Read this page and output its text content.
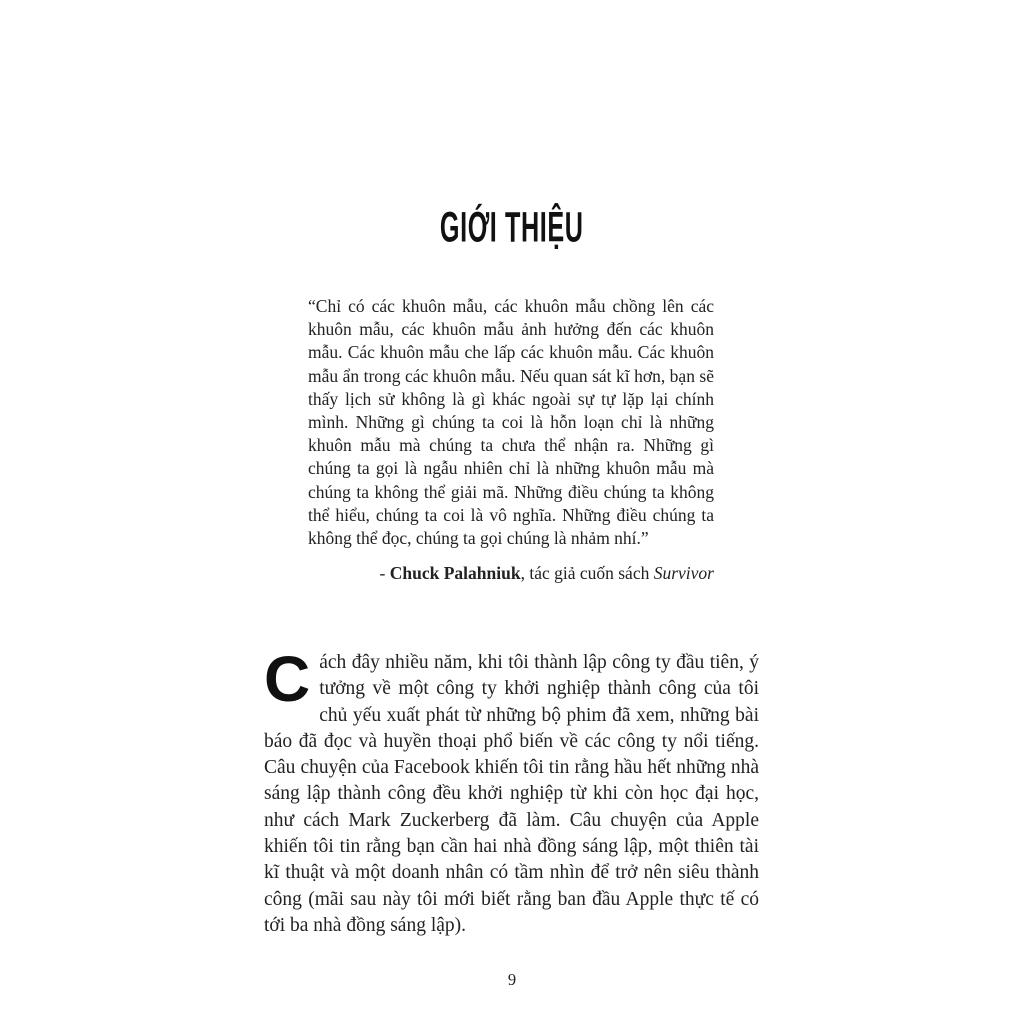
GIỚI THIỆU
“Chỉ có các khuôn mẫu, các khuôn mẫu chồng lên các khuôn mẫu, các khuôn mẫu ảnh hưởng đến các khuôn mẫu. Các khuôn mẫu che lấp các khuôn mẫu. Các khuôn mẫu ẩn trong các khuôn mẫu. Nếu quan sát kĩ hơn, bạn sẽ thấy lịch sử không là gì khác ngoài sự tự lặp lại chính mình. Những gì chúng ta coi là hỗn loạn chỉ là những khuôn mẫu mà chúng ta chưa thể nhận ra. Những gì chúng ta gọi là ngẫu nhiên chỉ là những khuôn mẫu mà chúng ta không thể giải mã. Những điều chúng ta không thể hiểu, chúng ta coi là vô nghĩa. Những điều chúng ta không thể đọc, chúng ta gọi chúng là nhảm nhí.”
- Chuck Palahniuk, tác giả cuốn sách Survivor
Cách đây nhiều năm, khi tôi thành lập công ty đầu tiên, ý tưởng về một công ty khởi nghiệp thành công của tôi chủ yếu xuất phát từ những bộ phim đã xem, những bài báo đã đọc và huyền thoại phổ biến về các công ty nổi tiếng. Câu chuyện của Facebook khiến tôi tin rằng hầu hết những nhà sáng lập thành công đều khởi nghiệp từ khi còn học đại học, như cách Mark Zuckerberg đã làm. Câu chuyện của Apple khiến tôi tin rằng bạn cần hai nhà đồng sáng lập, một thiên tài kĩ thuật và một doanh nhân có tầm nhìn để trở nên siêu thành công (mãi sau này tôi mới biết rằng ban đầu Apple thực tế có tới ba nhà đồng sáng lập).
9
